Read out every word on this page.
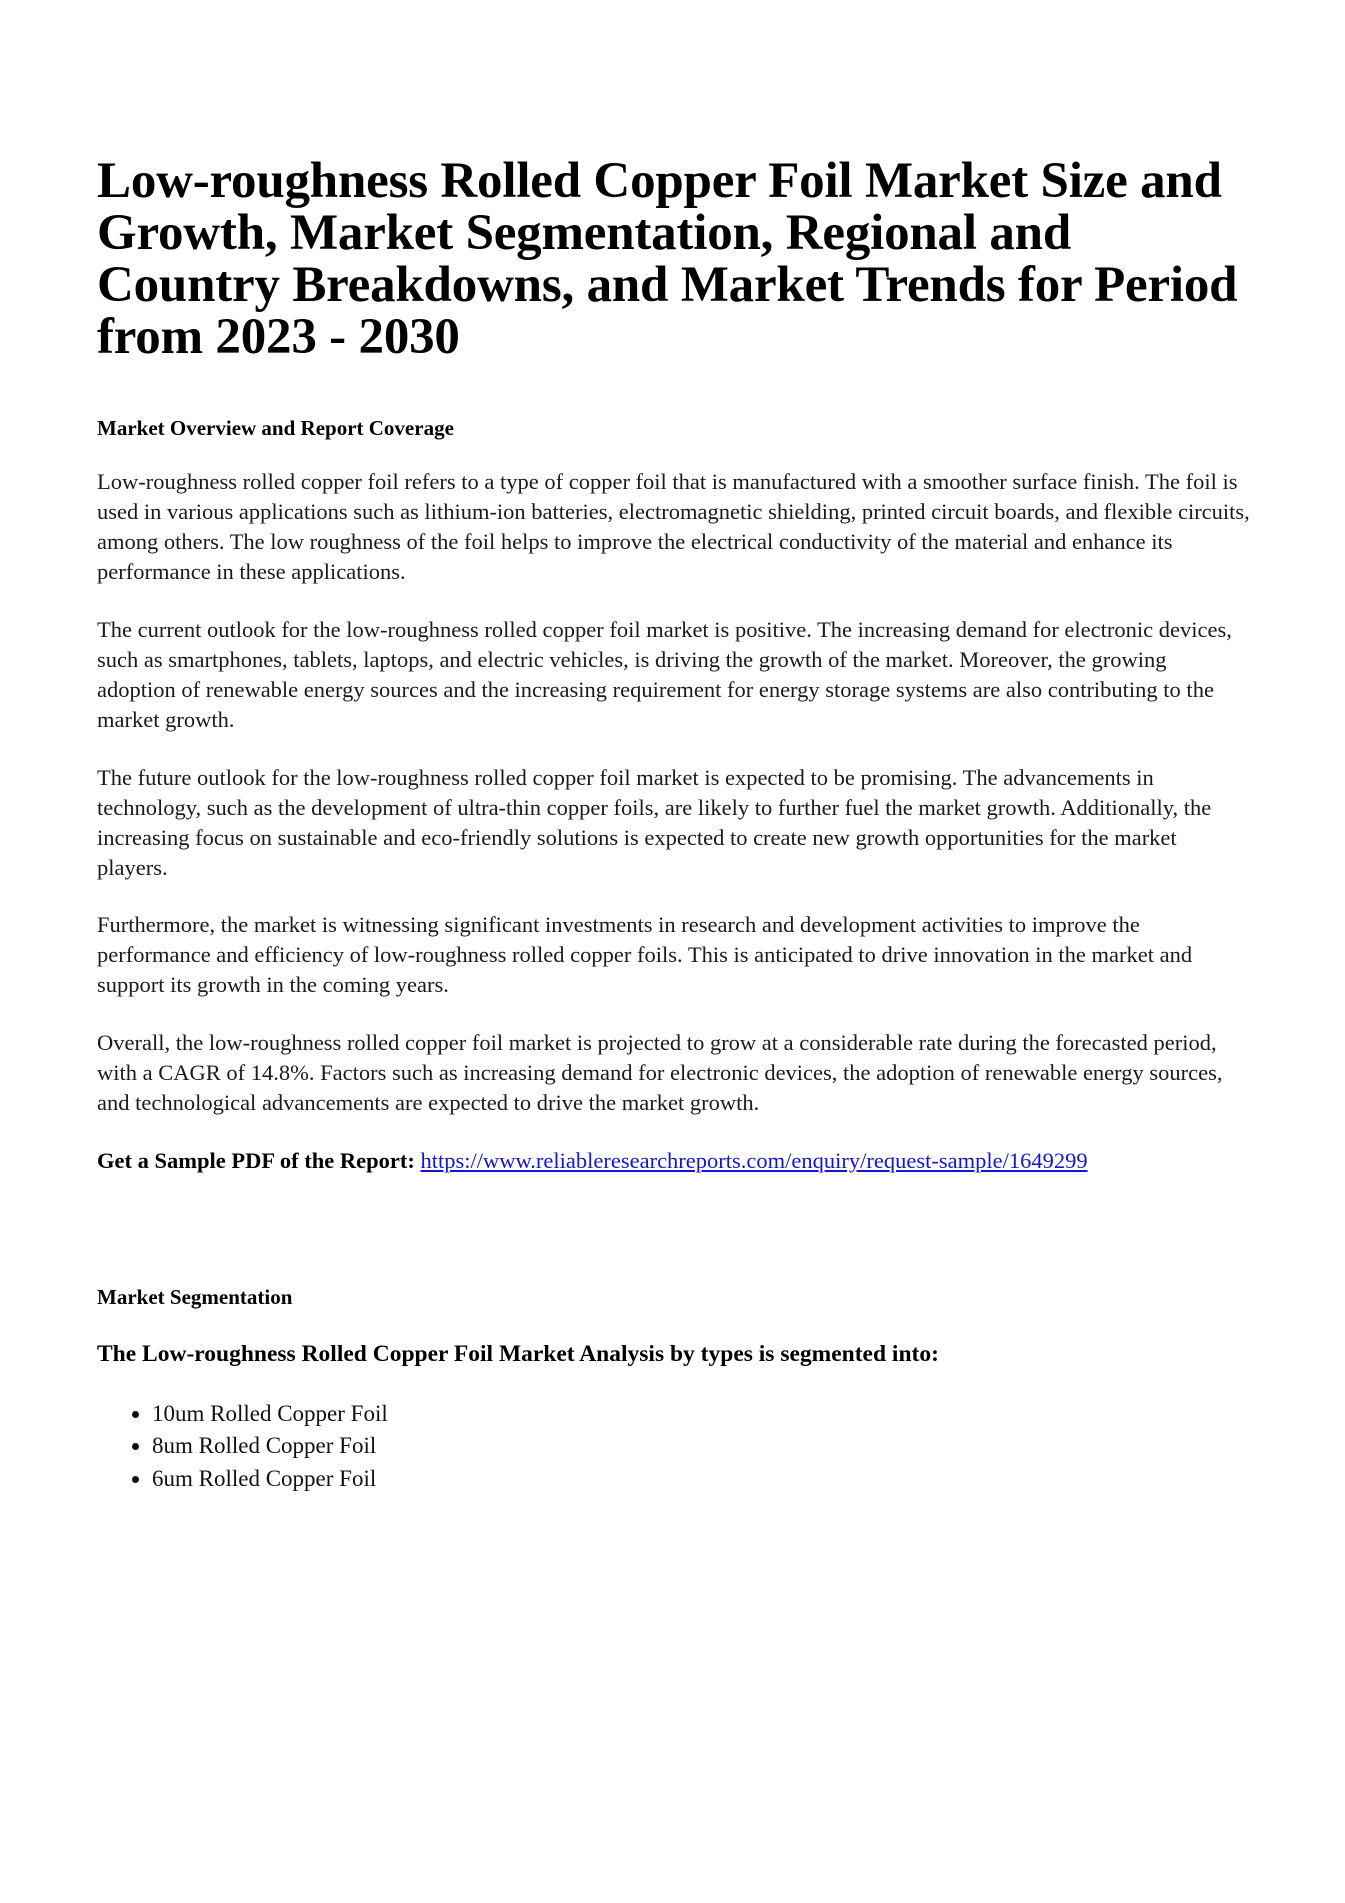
Low-roughness Rolled Copper Foil Market Size and Growth, Market Segmentation, Regional and Country Breakdowns, and Market Trends for Period from 2023 - 2030
Market Overview and Report Coverage

Low-roughness rolled copper foil refers to a type of copper foil that is manufactured with a smoother surface finish. The foil is used in various applications such as lithium-ion batteries, electromagnetic shielding, printed circuit boards, and flexible circuits, among others. The low roughness of the foil helps to improve the electrical conductivity of the material and enhance its performance in these applications.

The current outlook for the low-roughness rolled copper foil market is positive. The increasing demand for electronic devices, such as smartphones, tablets, laptops, and electric vehicles, is driving the growth of the market. Moreover, the growing adoption of renewable energy sources and the increasing requirement for energy storage systems are also contributing to the market growth.

The future outlook for the low-roughness rolled copper foil market is expected to be promising. The advancements in technology, such as the development of ultra-thin copper foils, are likely to further fuel the market growth. Additionally, the increasing focus on sustainable and eco-friendly solutions is expected to create new growth opportunities for the market players.

Furthermore, the market is witnessing significant investments in research and development activities to improve the performance and efficiency of low-roughness rolled copper foils. This is anticipated to drive innovation in the market and support its growth in the coming years.

Overall, the low-roughness rolled copper foil market is projected to grow at a considerable rate during the forecasted period, with a CAGR of 14.8%. Factors such as increasing demand for electronic devices, the adoption of renewable energy sources, and technological advancements are expected to drive the market growth.

Get a Sample PDF of the Report: https://www.reliableresearchreports.com/enquiry/request-sample/1649299

Market Segmentation
The Low-roughness Rolled Copper Foil Market Analysis by types is segmented into:
• 10um Rolled Copper Foil
• 8um Rolled Copper Foil
• 6um Rolled Copper Foil
